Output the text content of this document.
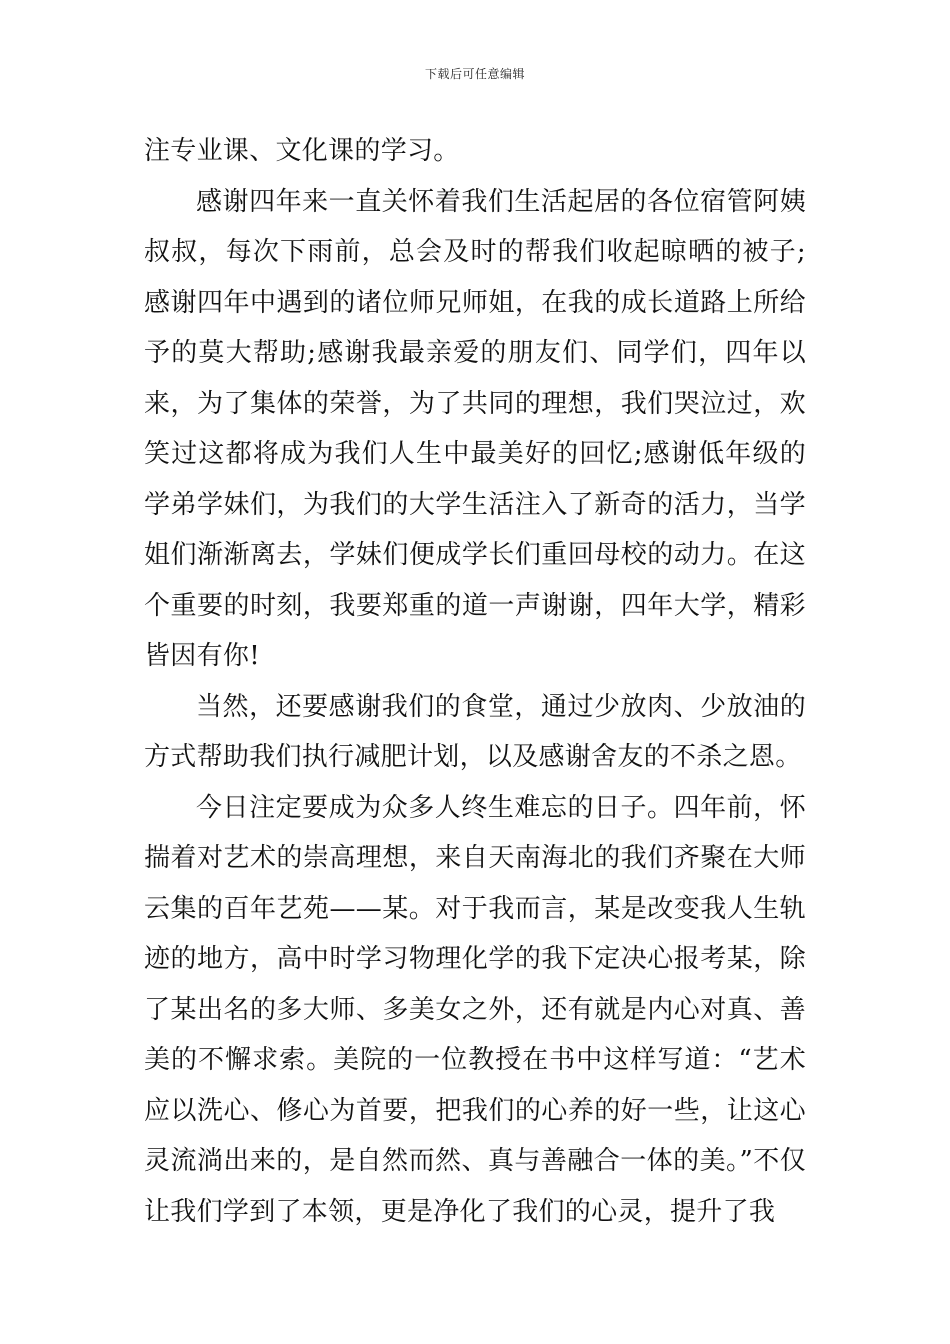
下载后可任意编辑

注专业课、文化课的学习。

感谢四年来一直关怀着我们生活起居的各位宿管阿姨叔叔，每次下雨前，总会及时的帮我们收起晾晒的被子;感谢四年中遇到的诸位师兄师姐，在我的成长道路上所给予的莫大帮助;感谢我最亲爱的朋友们、同学们，四年以来，为了集体的荣誉，为了共同的理想，我们哭泣过，欢笑过这都将成为我们人生中最美好的回忆;感谢低年级的学弟学妹们，为我们的大学生活注入了新奇的活力，当学姐们渐渐离去，学妹们便成学长们重回母校的动力。在这个重要的时刻，我要郑重的道一声谢谢，四年大学，精彩皆因有你!

当然，还要感谢我们的食堂，通过少放肉、少放油的方式帮助我们执行减肥计划，以及感谢舍友的不杀之恩。

今日注定要成为众多人终生难忘的日子。四年前，怀揣着对艺术的崇高理想，来自天南海北的我们齐聚在大师云集的百年艺苑——某。对于我而言，某是改变我人生轨迹的地方，高中时学习物理化学的我下定决心报考某，除了某出名的多大师、多美女之外，还有就是内心对真、善美的不懈求索。美院的一位教授在书中这样写道：“艺术应以洗心、修心为首要，把我们的心养的好一些，让这心灵流淌出来的，是自然而然、真与善融合一体的美。”不仅让我们学到了本领，更是净化了我们的心灵，提升了我
